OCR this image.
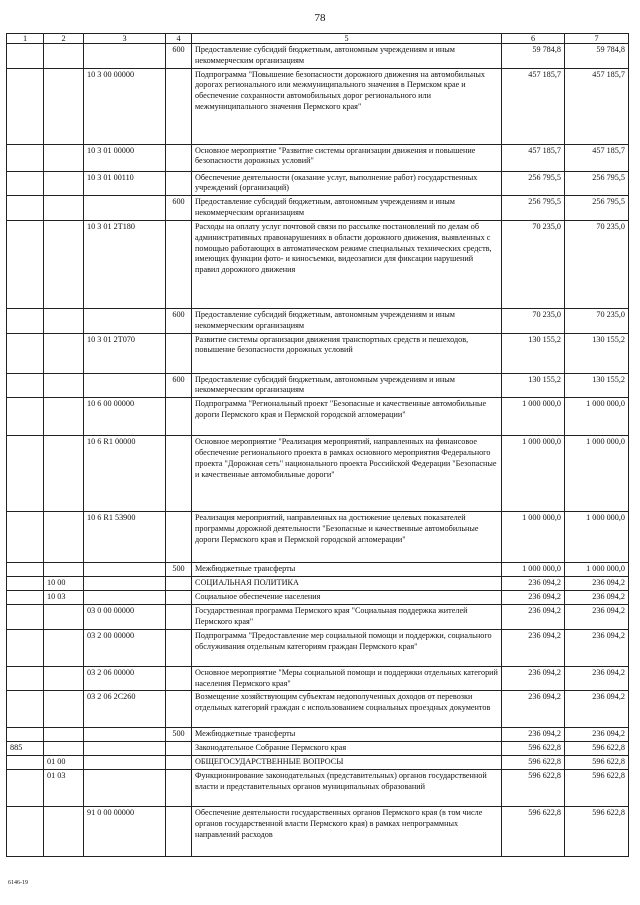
78
1	2	3	4	5	6	7
			600	Предоставление субсидий бюджетным, автономным учреждениям и иным некоммерческим организациям	59 784,8	59 784,8
		10 3 00 00000		Подпрограмма "Повышение безопасности дорожного движения на автомобильных дорогах регионального или межмуниципального значения в Пермском крае и обеспечение сохранности автомобильных дорог регионального или межмуниципального значения Пермского края"	457 185,7	457 185,7
		10 3 01 00000		Основное мероприятие "Развитие системы организации движения и повышение безопасности дорожных условий"	457 185,7	457 185,7
		10 3 01 00110		Обеспечение деятельности (оказание услуг, выполнение работ) государственных учреждений (организаций)	256 795,5	256 795,5
			600	Предоставление субсидий бюджетным, автономным учреждениям и иным некоммерческим организациям	256 795,5	256 795,5
		10 3 01 2T180		Расходы на оплату услуг почтовой связи по рассылке постановлений по делам об административных правонарушениях в области дорожного движения, выявленных с помощью работающих в автоматическом режиме специальных технических средств, имеющих функции фото- и киносъемки, видеозаписи для фиксации нарушений правил дорожного движения	70 235,0	70 235,0
			600	Предоставление субсидий бюджетным, автономным учреждениям и иным некоммерческим организациям	70 235,0	70 235,0
		10 3 01 2T070		Развитие системы организации движения транспортных средств и пешеходов, повышение безопасности дорожных условий	130 155,2	130 155,2
			600	Предоставление субсидий бюджетным, автономным учреждениям и иным некоммерческим организациям	130 155,2	130 155,2
		10 6 00 00000		Подпрограмма "Региональный проект "Безопасные и качественные автомобильные дороги Пермского края и Пермской городской агломерации"	1 000 000,0	1 000 000,0
		10 6 R1 00000		Основное мероприятие "Реализация мероприятий, направленных на финансовое обеспечение регионального проекта в рамках основного мероприятия Федерального проекта "Дорожная сеть" национального проекта Российской Федерации "Безопасные и качественные автомобильные дороги"	1 000 000,0	1 000 000,0
		10 6 R1 53900		Реализация мероприятий, направленных на достижение целевых показателей программы дорожной деятельности "Безопасные и качественные автомобильные дороги Пермского края и Пермской городской агломерации"	1 000 000,0	1 000 000,0
			500	Межбюджетные трансферты	1 000 000,0	1 000 000,0
	10 00			СОЦИАЛЬНАЯ ПОЛИТИКА	236 094,2	236 094,2
	10 03			Социальное обеспечение населения	236 094,2	236 094,2
		03 0 00 00000		Государственная программа Пермского края "Социальная поддержка жителей Пермского края"	236 094,2	236 094,2
		03 2 00 00000		Подпрограмма "Предоставление мер социальной помощи и поддержки, социального обслуживания отдельным категориям граждан Пермского края"	236 094,2	236 094,2
		03 2 06 00000		Основное мероприятие "Меры социальной помощи и поддержки отдельных категорий населения Пермского края"	236 094,2	236 094,2
		03 2 06 2C260		Возмещение хозяйствующим субъектам недополученных доходов от перевозки отдельных категорий граждан с использованием социальных проездных документов	236 094,2	236 094,2
			500	Межбюджетные трансферты	236 094,2	236 094,2
885				Законодательное Собрание Пермского края	596 622,8	596 622,8
	01 00			ОБЩЕГОСУДАРСТВЕННЫЕ ВОПРОСЫ	596 622,8	596 622,8
	01 03			Функционирование законодательных (представительных) органов государственной власти и представительных органов муниципальных образований	596 622,8	596 622,8
		91 0 00 00000		Обеспечение деятельности государственных органов Пермского края (в том числе органов государственной власти Пермского края) в рамках непрограммных направлений расходов	596 622,8	596 622,8
6146-19
